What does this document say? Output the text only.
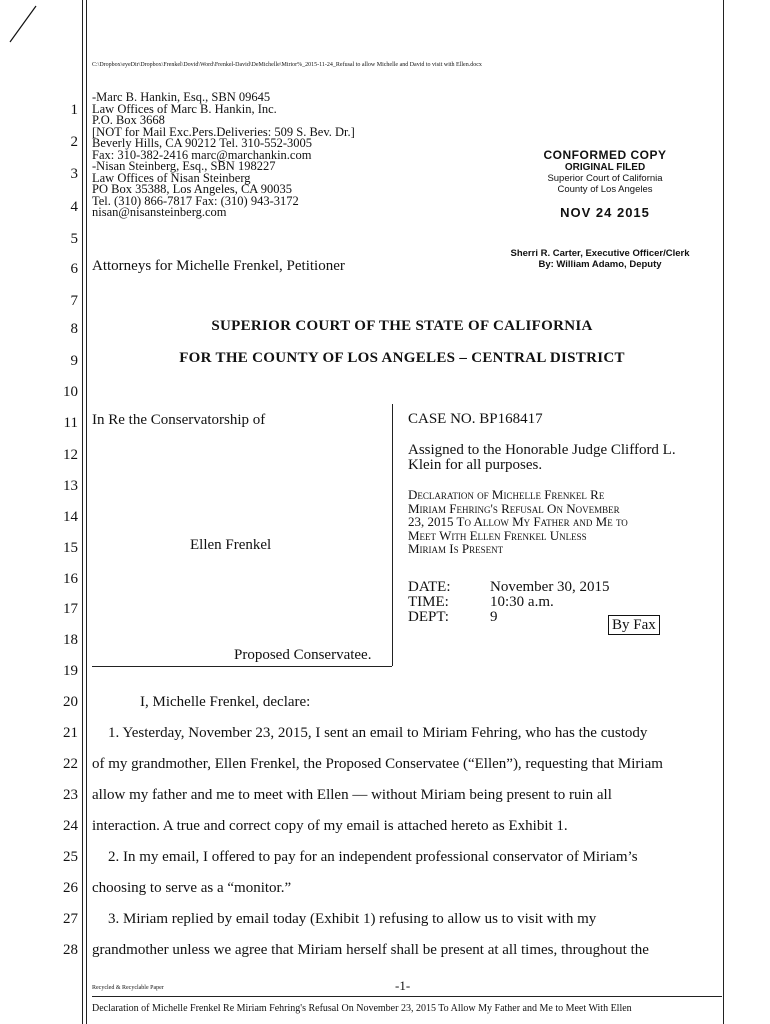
C:\Dropbox\eyeDir\Dropbox\Frenkel\Dovid\Word\Frenkel-David\DeMichelle\Mirior%_2015-11-24_Refusal to allow Michelle and David to visit with Ellen.docx
-Marc B. Hankin, Esq., SBN 09645
Law Offices of Marc B. Hankin, Inc.
P.O. Box 3668
[NOT for Mail Exc.Pers.Deliveries: 509 S. Bev. Dr.]
Beverly Hills, CA 90212 Tel. 310-552-3005
Fax: 310-382-2416 marc@marchankin.com
-Nisan Steinberg, Esq., SBN 198227
Law Offices of Nisan Steinberg
PO Box 35388, Los Angeles, CA 90035
Tel. (310) 866-7817 Fax: (310) 943-3172
nisan@nisansteinberg.com
CONFORMED COPY
ORIGINAL FILED
Superior Court of California
County of Los Angeles
NOV 24 2015
Sherri R. Carter, Executive Officer/Clerk
By: William Adamo, Deputy
Attorneys for Michelle Frenkel, Petitioner
SUPERIOR COURT OF THE STATE OF CALIFORNIA
FOR THE COUNTY OF LOS ANGELES – CENTRAL DISTRICT
In Re the Conservatorship of
Ellen Frenkel
Proposed Conservatee.
CASE NO. BP168417
Assigned to the Honorable Judge Clifford L.
Klein for all purposes.
Declaration of Michelle Frenkel Re
Miriam Fehring's Refusal On November
23, 2015 To Allow My Father and Me to
Meet With Ellen Frenkel Unless
Miriam Is Present
DATE:	November 30, 2015
TIME:	10:30 a.m.
DEPT:	9	By Fax
1
2
3
4
5
6
7
8
9
10
11
12
13
14
15
16
17
18
19
20
21
22
23
24
25
26
27
28
I, Michelle Frenkel, declare:
1. Yesterday, November 23, 2015, I sent an email to Miriam Fehring, who has the custody
of my grandmother, Ellen Frenkel, the Proposed Conservatee (“Ellen”), requesting that Miriam
allow my father and me to meet with Ellen — without Miriam being present to ruin all
interaction. A true and correct copy of my email is attached hereto as Exhibit 1.
2. In my email, I offered to pay for an independent professional conservator of Miriam’s
choosing to serve as a “monitor.”
3. Miriam replied by email today (Exhibit 1) refusing to allow us to visit with my
grandmother unless we agree that Miriam herself shall be present at all times, throughout the
Recycled & Recyclable Paper	-1-
Declaration of Michelle Frenkel Re Miriam Fehring's Refusal On November 23, 2015 To Allow My Father and Me to Meet With Ellen
